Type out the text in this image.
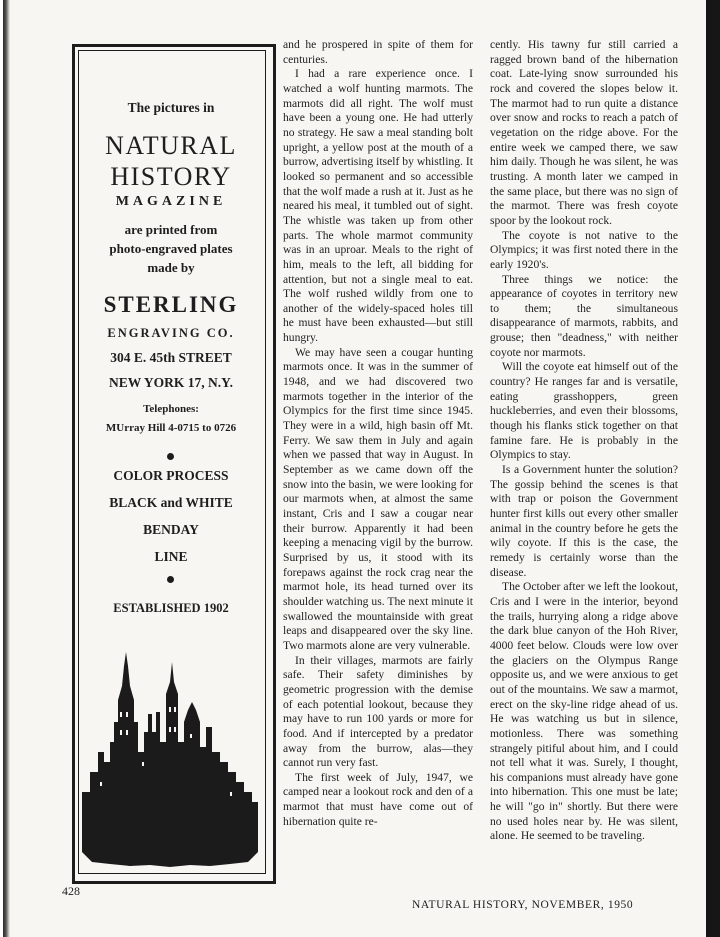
The pictures in
NATURAL
HISTORY
MAGAZINE
are printed from
photo-engraved plates
made by
STERLING
ENGRAVING CO.
304 E. 45th STREET
NEW YORK 17, N.Y.
Telephones:
MUrray Hill 4-0715 to 0726
COLOR PROCESS
BLACK and WHITE
BENDAY
LINE
ESTABLISHED 1902

and he prospered in spite of them for centuries.

I had a rare experience once. I watched a wolf hunting marmots. The marmots did all right. The wolf must have been a young one. He had utterly no strategy. He saw a meal standing bolt upright, a yellow post at the mouth of a burrow, advertising itself by whistling. It looked so permanent and so accessible that the wolf made a rush at it. Just as he neared his meal, it tumbled out of sight. The whistle was taken up from other parts. The whole marmot community was in an uproar. Meals to the right of him, meals to the left, all bidding for attention, but not a single meal to eat. The wolf rushed wildly from one to another of the widely-spaced holes till he must have been exhausted—but still hungry.

We may have seen a cougar hunting marmots once. It was in the summer of 1948, and we had discovered two marmots together in the interior of the Olympics for the first time since 1945. They were in a wild, high basin off Mt. Ferry. We saw them in July and again when we passed that way in August. In September as we came down off the snow into the basin, we were looking for our marmots when, at almost the same instant, Cris and I saw a cougar near their burrow. Apparently it had been keeping a menacing vigil by the burrow. Surprised by us, it stood with its forepaws against the rock crag near the marmot hole, its head turned over its shoulder watching us. The next minute it swallowed the mountainside with great leaps and disappeared over the sky line. Two marmots alone are very vulnerable.

In their villages, marmots are fairly safe. Their safety diminishes by geometric progression with the demise of each potential lookout, because they may have to run 100 yards or more for food. And if intercepted by a predator away from the burrow, alas—they cannot run very fast.

The first week of July, 1947, we camped near a lookout rock and den of a marmot that must have come out of hibernation quite re-

cently. His tawny fur still carried a ragged brown band of the hibernation coat. Late-lying snow surrounded his rock and covered the slopes below it. The marmot had to run quite a distance over snow and rocks to reach a patch of vegetation on the ridge above. For the entire week we camped there, we saw him daily. Though he was silent, he was trusting. A month later we camped in the same place, but there was no sign of the marmot. There was fresh coyote spoor by the lookout rock.

The coyote is not native to the Olympics; it was first noted there in the early 1920's.

Three things we notice: the appearance of coyotes in territory new to them; the simultaneous disappearance of marmots, rabbits, and grouse; then "deadness," with neither coyote nor marmots.

Will the coyote eat himself out of the country? He ranges far and is versatile, eating grasshoppers, green huckleberries, and even their blossoms, though his flanks stick together on that famine fare. He is probably in the Olympics to stay.

Is a Government hunter the solution? The gossip behind the scenes is that with trap or poison the Government hunter first kills out every other smaller animal in the country before he gets the wily coyote. If this is the case, the remedy is certainly worse than the disease.

The October after we left the lookout, Cris and I were in the interior, beyond the trails, hurrying along a ridge above the dark blue canyon of the Hoh River, 4000 feet below. Clouds were low over the glaciers on the Olympus Range opposite us, and we were anxious to get out of the mountains. We saw a marmot, erect on the sky-line ridge ahead of us. He was watching us but in silence, motionless. There was something strangely pitiful about him, and I could not tell what it was. Surely, I thought, his companions must already have gone into hibernation. This one must be late; he will "go in" shortly. But there were no used holes near by. He was silent, alone. He seemed to be traveling.

428
NATURAL HISTORY, NOVEMBER, 1950
